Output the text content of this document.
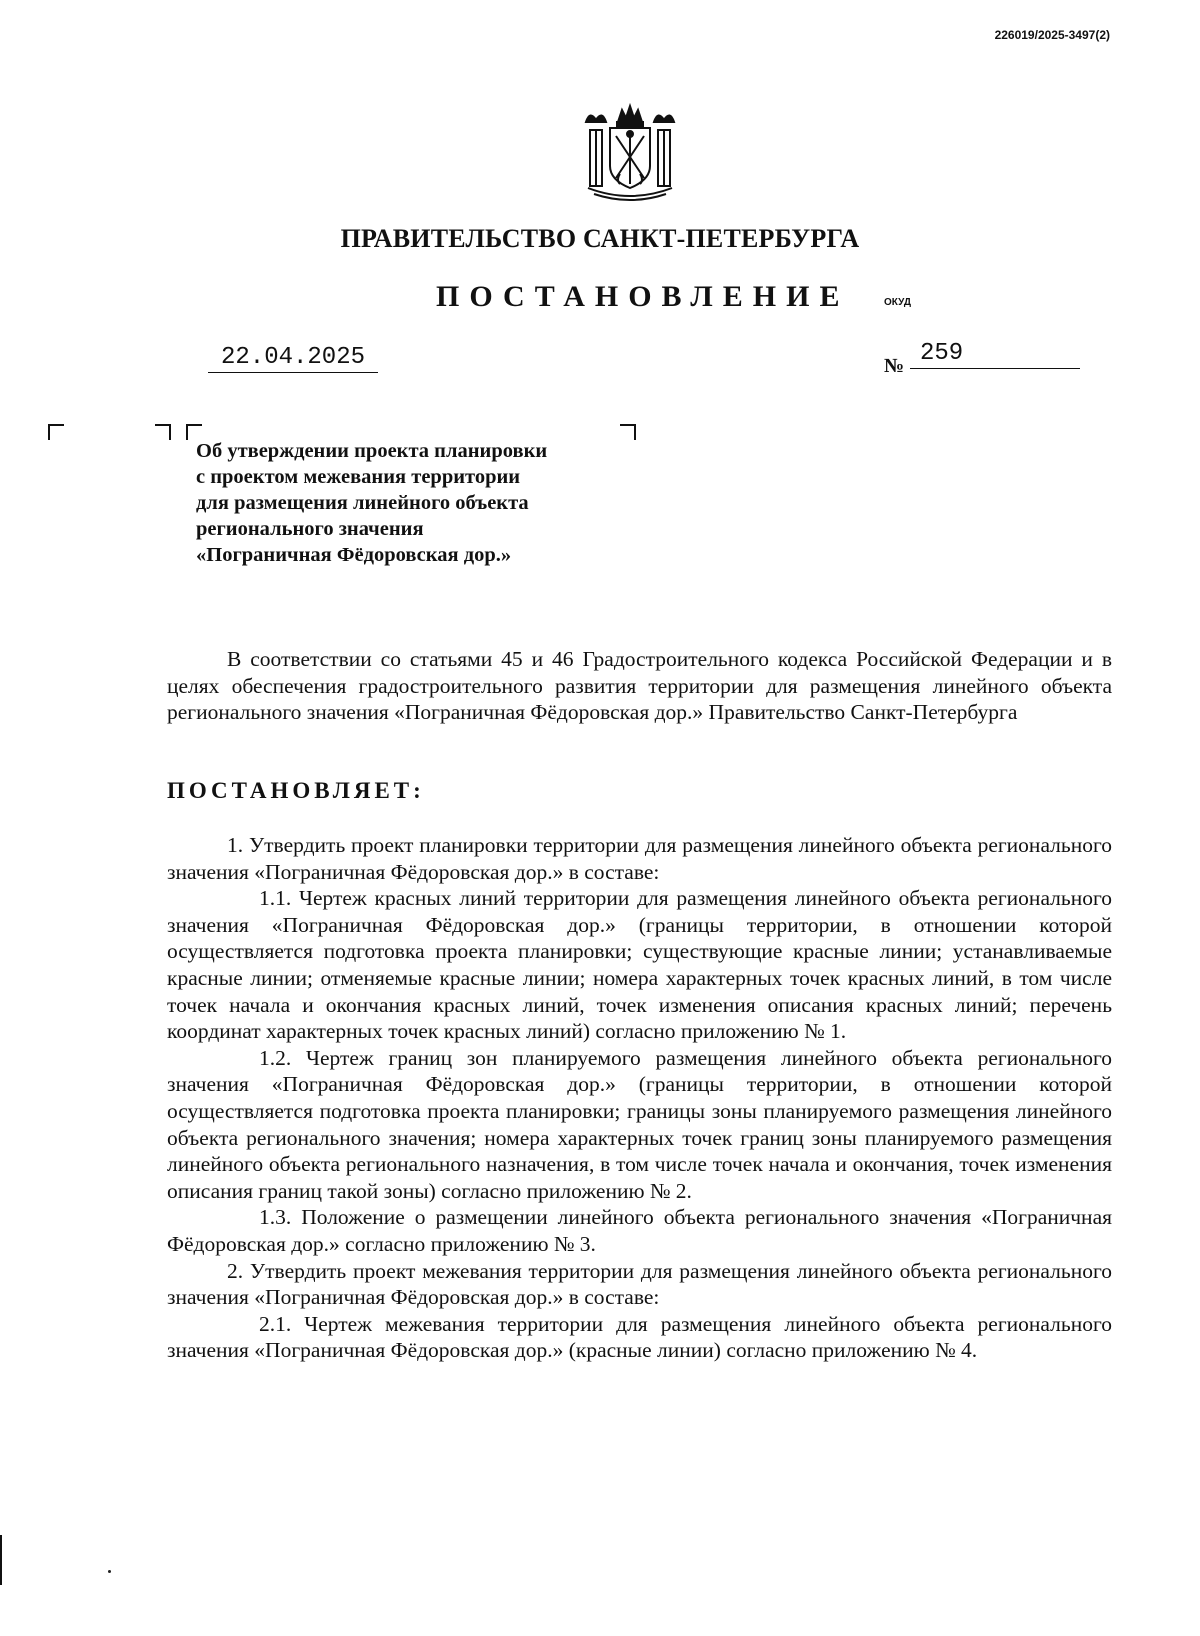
226019/2025-3497(2)
ПРАВИТЕЛЬСТВО САНКТ-ПЕТЕРБУРГА
ПОСТАНОВЛЕНИЕ	ОКУД
22.04.2025	№ 259
Об утверждении проекта планировки
с проектом межевания территории
для размещения линейного объекта
регионального значения
«Пограничная Фёдоровская дор.»

В соответствии со статьями 45 и 46 Градостроительного кодекса Российской Федерации и в целях обеспечения градостроительного развития территории для размещения линейного объекта регионального значения «Пограничная Фёдоровская дор.» Правительство Санкт-Петербурга

ПОСТАНОВЛЯЕТ:

1. Утвердить проект планировки территории для размещения линейного объекта регионального значения «Пограничная Фёдоровская дор.» в составе:

1.1. Чертеж красных линий территории для размещения линейного объекта регионального значения «Пограничная Фёдоровская дор.» (границы территории, в отношении которой осуществляется подготовка проекта планировки; существующие красные линии; устанавливаемые красные линии; отменяемые красные линии; номера характерных точек красных линий, в том числе точек начала и окончания красных линий, точек изменения описания красных линий; перечень координат характерных точек красных линий) согласно приложению № 1.

1.2. Чертеж границ зон планируемого размещения линейного объекта регионального значения «Пограничная Фёдоровская дор.» (границы территории, в отношении которой осуществляется подготовка проекта планировки; границы зоны планируемого размещения линейного объекта регионального значения; номера характерных точек границ зоны планируемого размещения линейного объекта регионального назначения, в том числе точек начала и окончания, точек изменения описания границ такой зоны) согласно приложению № 2.

1.3. Положение о размещении линейного объекта регионального значения «Пограничная Фёдоровская дор.» согласно приложению № 3.

2. Утвердить проект межевания территории для размещения линейного объекта регионального значения «Пограничная Фёдоровская дор.» в составе:

2.1. Чертеж межевания территории для размещения линейного объекта регионального значения «Пограничная Фёдоровская дор.» (красные линии) согласно приложению № 4.
